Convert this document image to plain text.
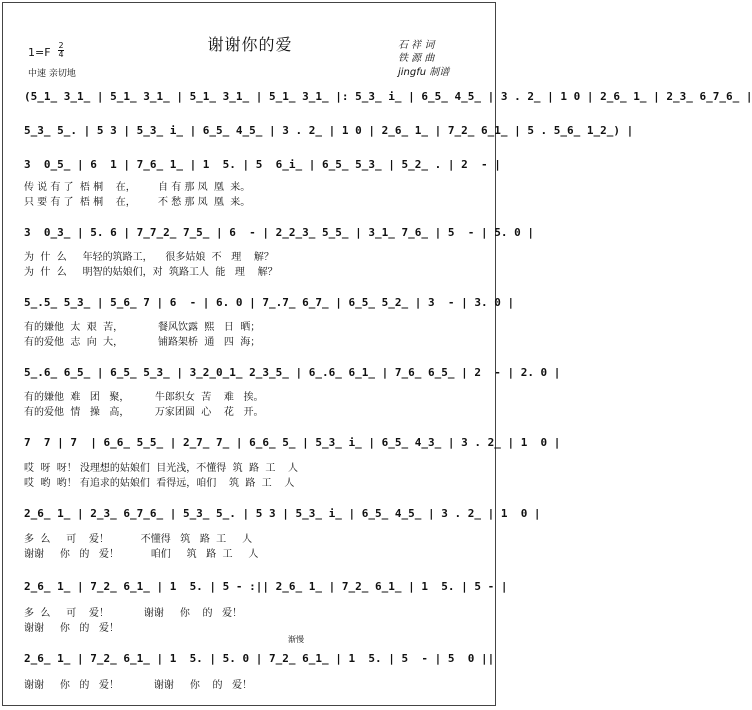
谢谢你的爱	石 祥 词
铁 源 曲
jingfu 制谱
1=F
2
4
中速 亲切地
(5̲1̲ 3̲1̲ | 5̲1̲ 3̲1̲ | 5̲1̲ 3̲1̲ | 5̲1̲ 3̲1̲ |: 5̲3̲ i̲ | 6̲5̲ 4̲5̲ | 3 . 2̲ | 1 0 | 2̲6̲ 1̲ | 2̲3̲ 6̲7̲6̲ |
5̲3̲ 5̲. | 5 3 | 5̲3̲ i̲ | 6̲5̲ 4̲5̲ | 3 . 2̲ | 1 0 | 2̲6̲ 1̲ | 7̲2̲ 6̲1̲ | 5 . 5̲6̲ 1̲2̲) |
3  0̲5̲ | 6  1 | 7̲6̲ 1̲ | 1  5. | 5  6̲i̲ | 6̲5̲ 5̲3̲ | 5̲2̲ . | 2  - |
传 说 有 了  梧 桐    在，       自 有 那 凤  凰  来。
只 要 有 了  梧 桐    在，       不 愁 那 凤  凰  来。
3  0̲3̲ | 5. 6 | 7̲7̲2̲ 7̲5̲ | 6  - | 2̲2̲3̲ 5̲5̲ | 3̲1̲ 7̲6̲ | 5  - | 5. 0 |
为  什  么     年轻的筑路工，    很多姑娘  不   理    解？
为  什  么     明智的姑娘们，对  筑路工人  能   理    解？
5̲.5̲ 5̲3̲ | 5̲6̲ 7 | 6  - | 6. 0 | 7̲.7̲ 6̲7̲ | 6̲5̲ 5̲2̲ | 3  - | 3. 0 |
有的嫌他  太  艰  苦，           餐风饮露  熙   日  晒；
有的爱他  志  向  大，           铺路架桥  通   四  海；
5̲.6̲ 6̲5̲ | 6̲5̲ 5̲3̲ | 3̲2̲0̲1̲ 2̲3̲5̲ | 6̲.6̲ 6̲1̲ | 7̲6̲ 6̲5̲ | 2  - | 2. 0 |
有的嫌他  难   团   聚，        牛郎织女  苦    难   挨。
有的爱他  情   操   高，        万家团圆  心    花   开。
7  7 | 7  | 6̲6̲ 5̲5̲ | 2̲7̲ 7̲ | 6̲6̲ 5̲ | 5̲3̲ i̲ | 6̲5̲ 4̲3̲ | 3 . 2̲ | 1  0 |
哎  呀  呀！ 没理想的姑娘们  目光浅，不懂得  筑  路  工    人
哎  哟  哟！ 有追求的姑娘们  看得远，咱们    筑  路  工    人
2̲6̲ 1̲ | 2̲3̲ 6̲7̲6̲ | 5̲3̲ 5̲. | 5 3 | 5̲3̲ i̲ | 6̲5̲ 4̲5̲ | 3 . 2̲ | 1  0 |
多  么     可    爱！          不懂得   筑   路  工     人
谢谢     你   的   爱！          咱们     筑   路  工     人
2̲6̲ 1̲ | 7̲2̲ 6̲1̲ | 1  5. | 5 - :|| 2̲6̲ 1̲ | 7̲2̲ 6̲1̲ | 1  5. | 5 - |
多  么     可    爱！           谢谢     你    的   爱！
谢谢     你   的   爱！
渐慢
2̲6̲ 1̲ | 7̲2̲ 6̲1̲ | 1  5. | 5. 0 | 7̲2̲ 6̲1̲ | 1  5. | 5  - | 5  0 ||
谢谢     你   的   爱！           谢谢     你    的   爱！
